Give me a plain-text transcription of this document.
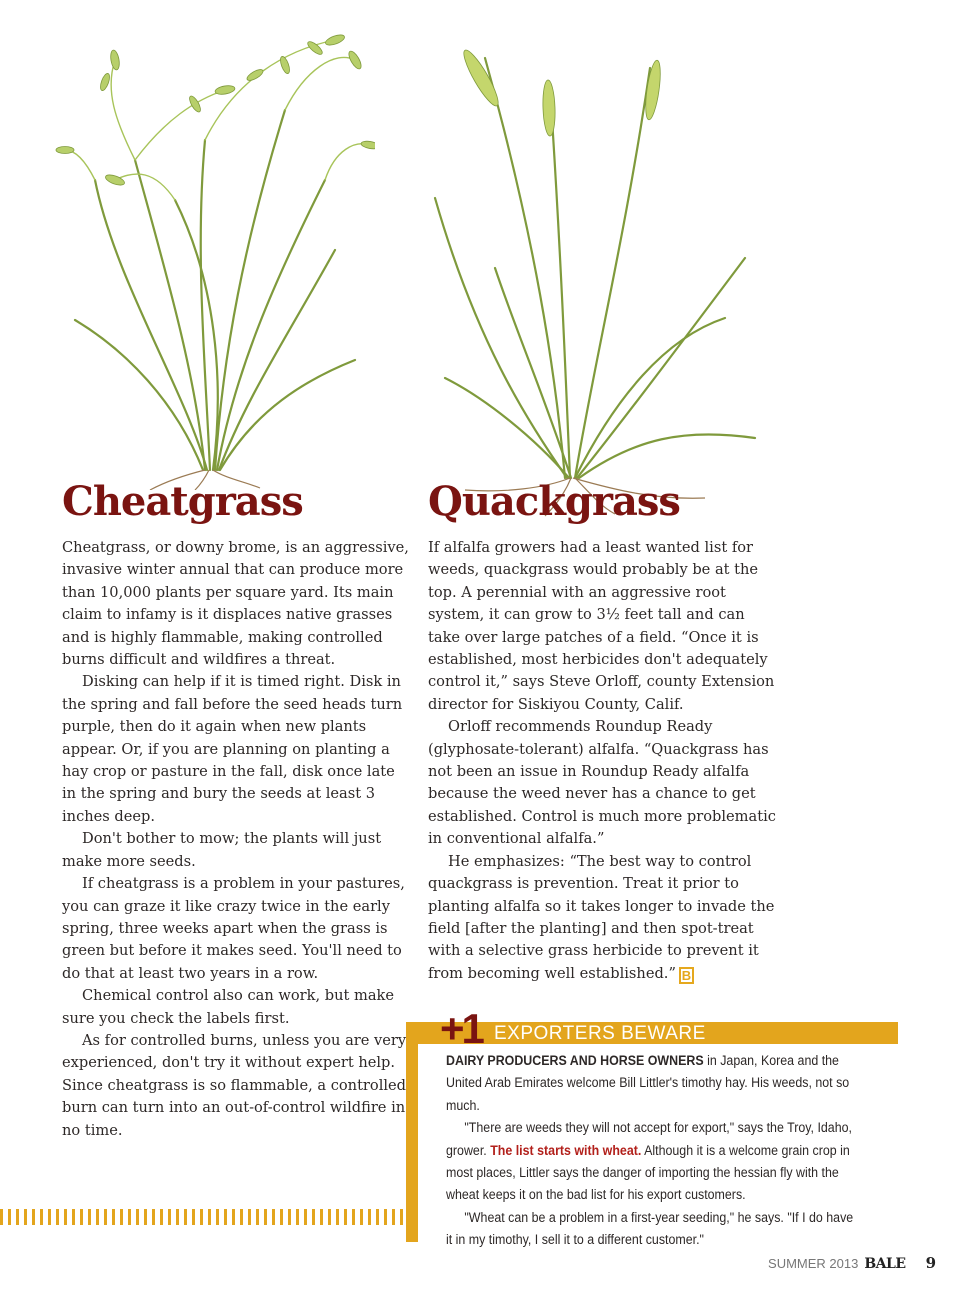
Cheatgrass	Quackgrass

Cheatgrass, or downy brome, is an aggressive, invasive winter annual that can produce more than 10,000 plants per square yard. Its main claim to infamy is it displaces native grasses and is highly flammable, making controlled burns difficult and wildfires a threat.

Disking can help if it is timed right. Disk in the spring and fall before the seed heads turn purple, then do it again when new plants appear. Or, if you are planning on planting a hay crop or pasture in the fall, disk once late in the spring and bury the seeds at least 3 inches deep.

Don't bother to mow; the plants will just make more seeds.

If cheatgrass is a problem in your pastures, you can graze it like crazy twice in the early spring, three weeks apart when the grass is green but before it makes seed. You'll need to do that at least two years in a row.

Chemical control also can work, but make sure you check the labels first.

As for controlled burns, unless you are very experienced, don't try it without expert help. Since cheatgrass is so flammable, a controlled burn can turn into an out-of-control wildfire in no time.

If alfalfa growers had a least wanted list for weeds, quackgrass would probably be at the top. A perennial with an aggressive root system, it can grow to 3½ feet tall and can take over large patches of a field. “Once it is established, most herbicides don't adequately control it,” says Steve Orloff, county Extension director for Siskiyou County, Calif.

Orloff recommends Roundup Ready (glyphosate-tolerant) alfalfa. “Quackgrass has not been an issue in Roundup Ready alfalfa because the weed never has a chance to get established. Control is much more problematic in conventional alfalfa.”

He emphasizes: “The best way to control quackgrass is prevention. Treat it prior to planting alfalfa so it takes longer to invade the field [after the planting] and then spot-treat with a selective grass herbicide to prevent it from becoming well established.” B

+1 EXPORTERS BEWARE

DAIRY PRODUCERS AND HORSE OWNERS in Japan, Korea and the United Arab Emirates welcome Bill Littler's timothy hay. His weeds, not so much.

"There are weeds they will not accept for export," says the Troy, Idaho, grower. The list starts with wheat. Although it is a welcome grain crop in most places, Littler says the danger of importing the hessian fly with the wheat keeps it on the bad list for his export customers.

"Wheat can be a problem in a first-year seeding," he says. "If I do have it in my timothy, I sell it to a different customer."

SUMMER 2013 BALE 9
